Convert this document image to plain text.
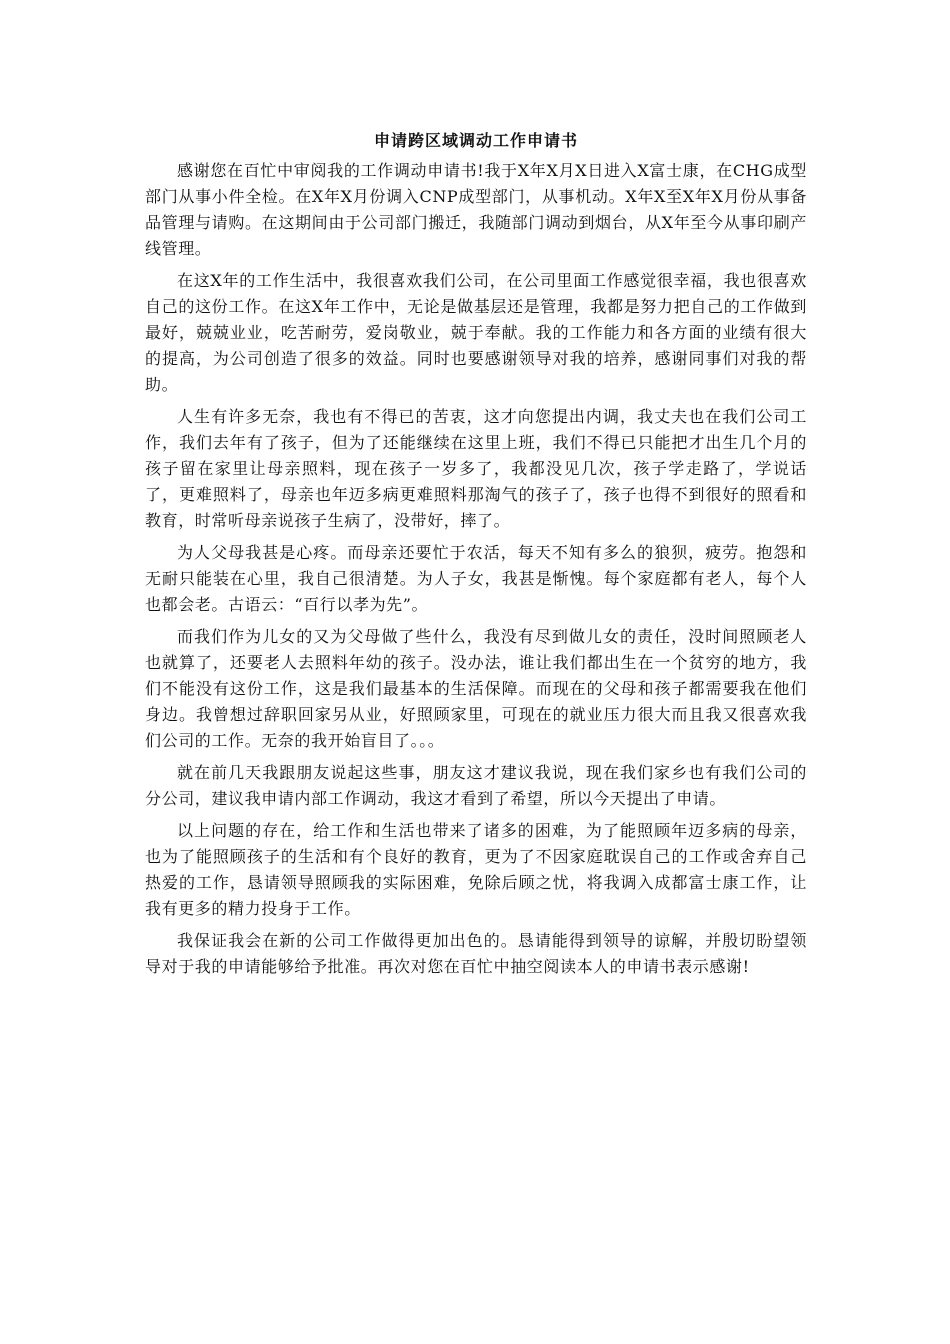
申请跨区域调动工作申请书

感谢您在百忙中审阅我的工作调动申请书!我于X年X月X日进入X富士康，在CHG成型部门从事小件全检。在X年X月份调入CNP成型部门，从事机动。X年X至X年X月份从事备品管理与请购。在这期间由于公司部门搬迁，我随部门调动到烟台，从X年至今从事印刷产线管理。

在这X年的工作生活中，我很喜欢我们公司，在公司里面工作感觉很幸福，我也很喜欢自己的这份工作。在这X年工作中，无论是做基层还是管理，我都是努力把自己的工作做到最好，兢兢业业，吃苦耐劳，爱岗敬业，兢于奉献。我的工作能力和各方面的业绩有很大的提高，为公司创造了很多的效益。同时也要感谢领导对我的培养，感谢同事们对我的帮助。

人生有许多无奈，我也有不得已的苦衷，这才向您提出内调，我丈夫也在我们公司工作，我们去年有了孩子，但为了还能继续在这里上班，我们不得已只能把才出生几个月的孩子留在家里让母亲照料，现在孩子一岁多了，我都没见几次，孩子学走路了，学说话了，更难照料了，母亲也年迈多病更难照料那淘气的孩子了，孩子也得不到很好的照看和教育，时常听母亲说孩子生病了，没带好，摔了。

为人父母我甚是心疼。而母亲还要忙于农活，每天不知有多么的狼狈，疲劳。抱怨和无耐只能装在心里，我自己很清楚。为人子女，我甚是惭愧。每个家庭都有老人，每个人也都会老。古语云：“百行以孝为先”。

而我们作为儿女的又为父母做了些什么，我没有尽到做儿女的责任，没时间照顾老人也就算了，还要老人去照料年幼的孩子。没办法，谁让我们都出生在一个贫穷的地方，我们不能没有这份工作，这是我们最基本的生活保障。而现在的父母和孩子都需要我在他们身边。我曾想过辞职回家另从业，好照顾家里，可现在的就业压力很大而且我又很喜欢我们公司的工作。无奈的我开始盲目了。。。

就在前几天我跟朋友说起这些事，朋友这才建议我说，现在我们家乡也有我们公司的分公司，建议我申请内部工作调动，我这才看到了希望，所以今天提出了申请。

以上问题的存在，给工作和生活也带来了诸多的困难，为了能照顾年迈多病的母亲，也为了能照顾孩子的生活和有个良好的教育，更为了不因家庭耽误自己的工作或舍弃自己热爱的工作，恳请领导照顾我的实际困难，免除后顾之忧，将我调入成都富士康工作，让我有更多的精力投身于工作。

我保证我会在新的公司工作做得更加出色的。恳请能得到领导的谅解，并殷切盼望领导对于我的申请能够给予批准。再次对您在百忙中抽空阅读本人的申请书表示感谢!
